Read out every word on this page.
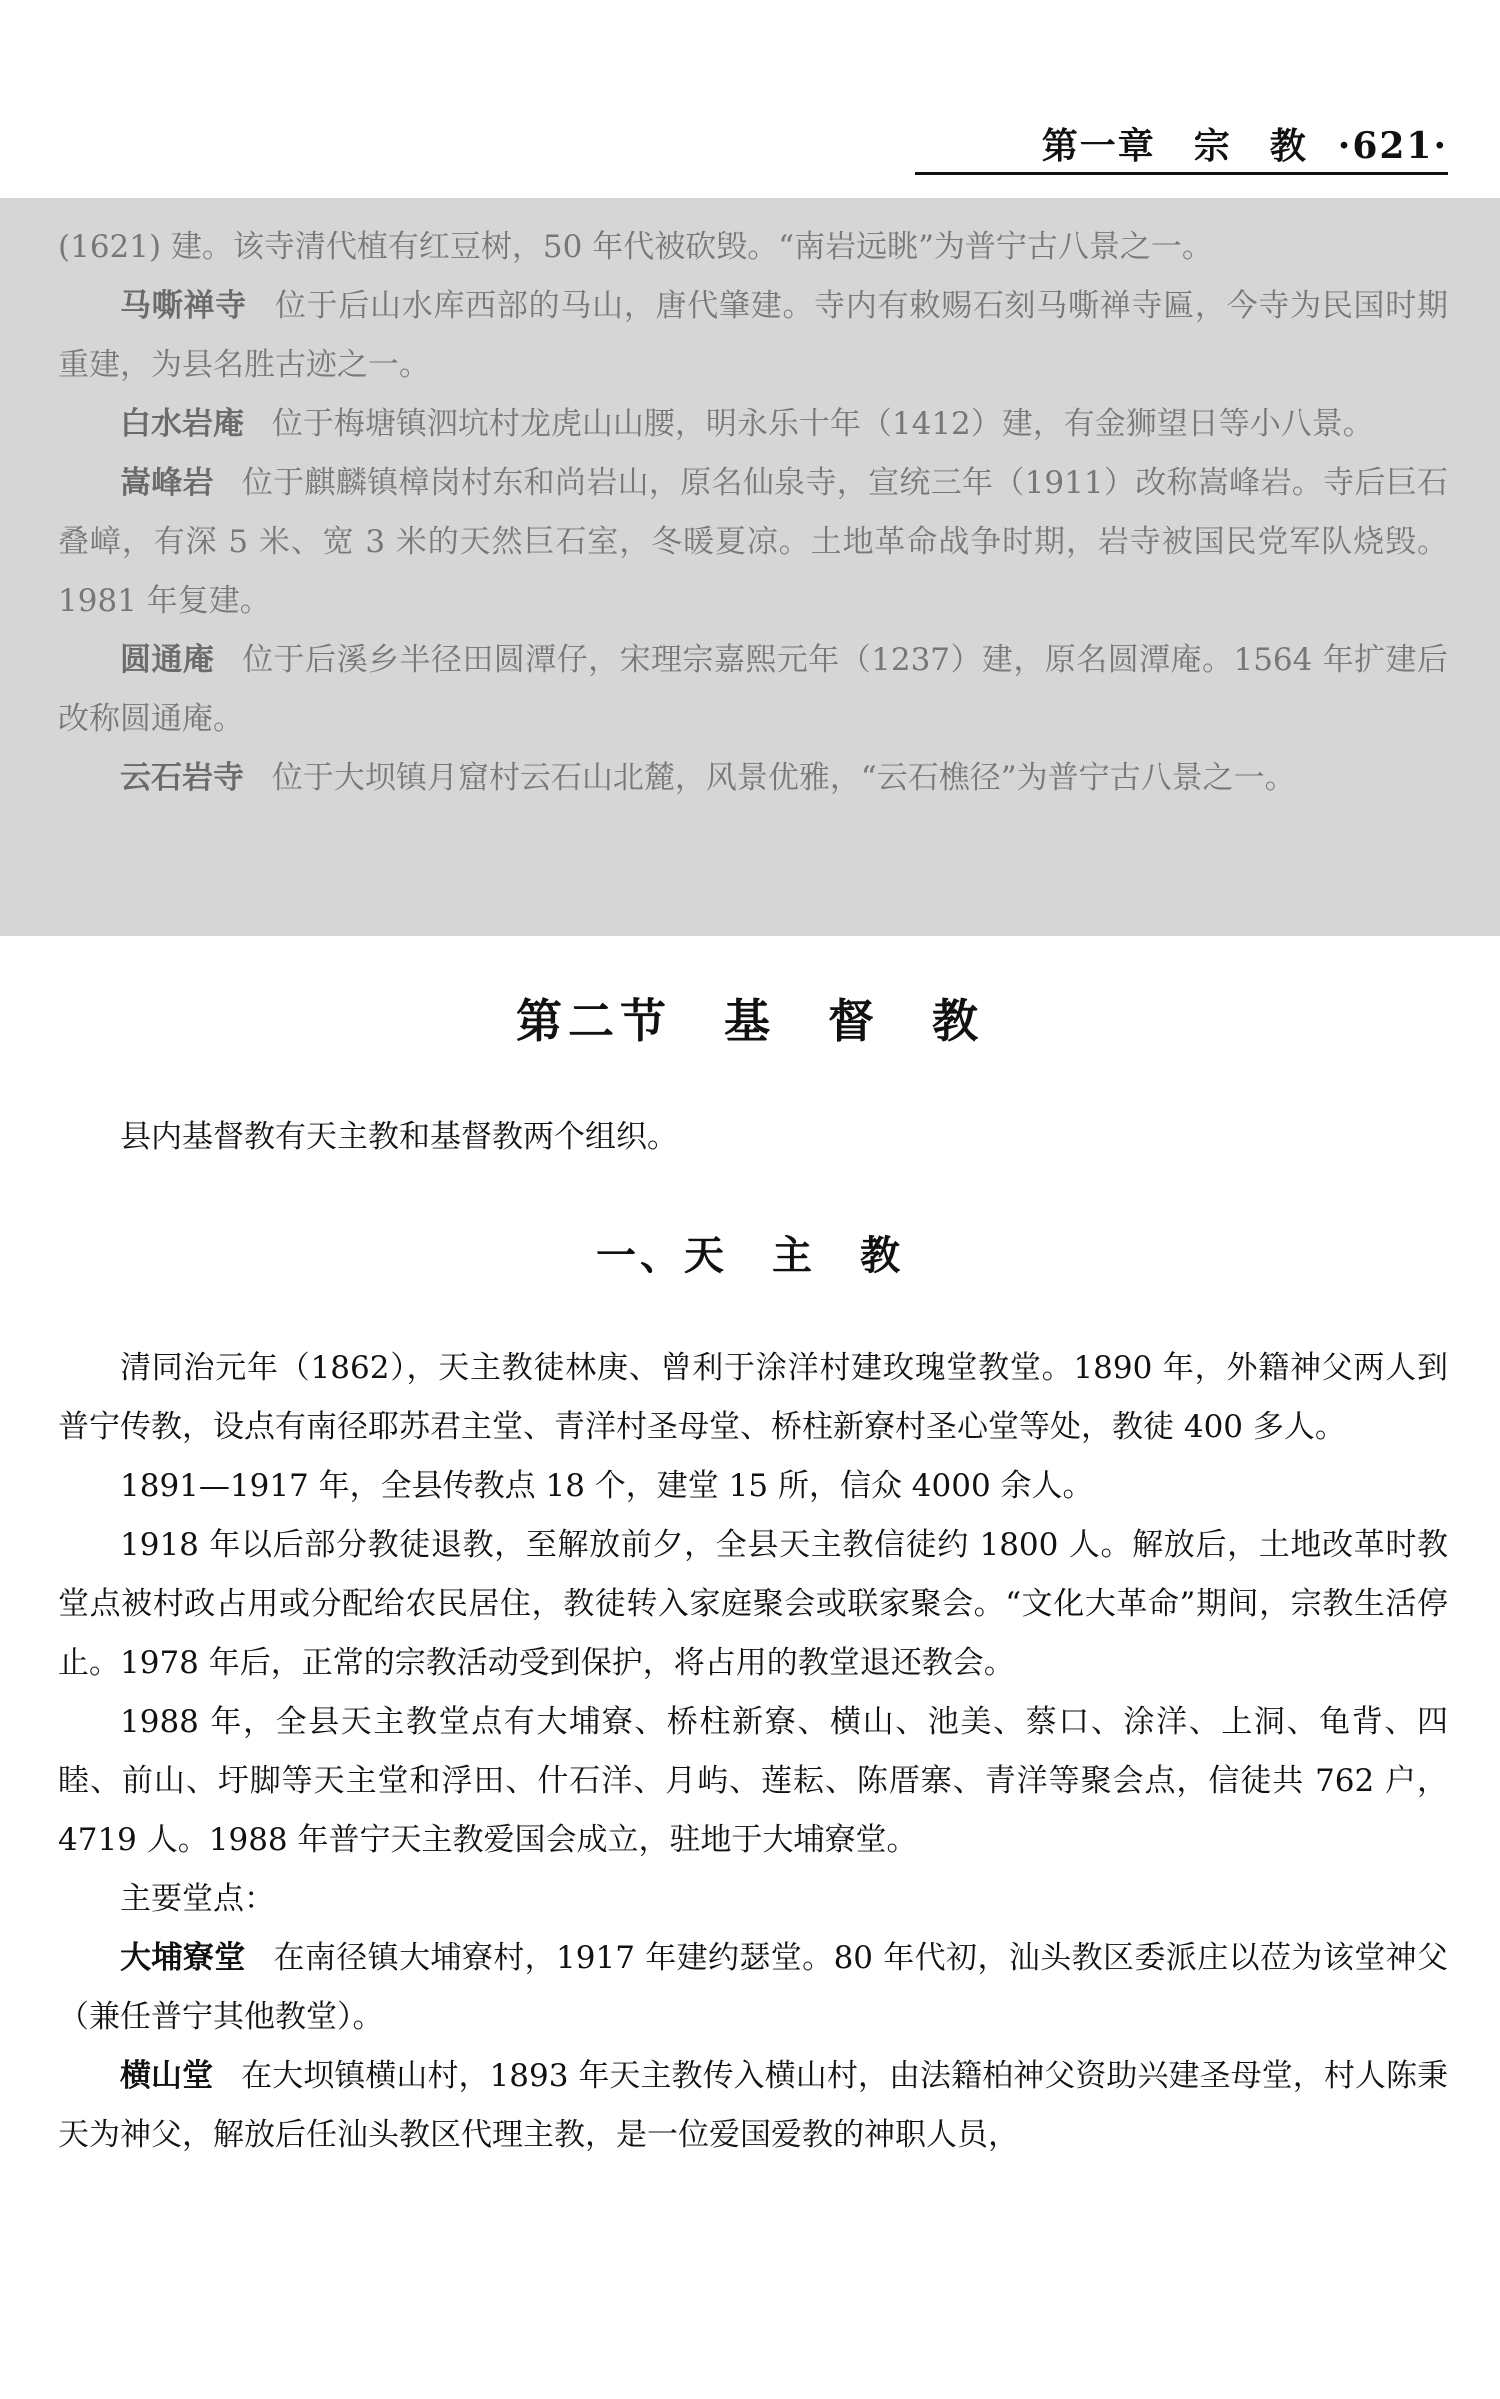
第一章　宗　教 ·621·

(1621) 建。该寺清代植有红豆树，50 年代被砍毁。“南岩远眺”为普宁古八景之一。

马嘶禅寺 位于后山水库西部的马山，唐代肇建。寺内有敕赐石刻马嘶禅寺匾，今寺为民国时期重建，为县名胜古迹之一。

白水岩庵 位于梅塘镇泗坑村龙虎山山腰，明永乐十年（1412）建，有金狮望日等小八景。

嵩峰岩 位于麒麟镇樟岗村东和尚岩山，原名仙泉寺，宣统三年（1911）改称嵩峰岩。寺后巨石叠嶂，有深 5 米、宽 3 米的天然巨石室，冬暖夏凉。土地革命战争时期，岩寺被国民党军队烧毁。1981 年复建。

圆通庵 位于后溪乡半径田圆潭仔，宋理宗嘉熙元年（1237）建，原名圆潭庵。1564 年扩建后改称圆通庵。

云石岩寺 位于大坝镇月窟村云石山北麓，风景优雅，“云石樵径”为普宁古八景之一。

第二节　基　督　教

县内基督教有天主教和基督教两个组织。

一、天　主　教

清同治元年（1862），天主教徒林庚、曾利于涂洋村建玫瑰堂教堂。1890 年，外籍神父两人到普宁传教，设点有南径耶苏君主堂、青洋村圣母堂、桥柱新寮村圣心堂等处，教徒 400 多人。

1891—1917 年，全县传教点 18 个，建堂 15 所，信众 4000 余人。

1918 年以后部分教徒退教，至解放前夕，全县天主教信徒约 1800 人。解放后，土地改革时教堂点被村政占用或分配给农民居住，教徒转入家庭聚会或联家聚会。“文化大革命”期间，宗教生活停止。1978 年后，正常的宗教活动受到保护，将占用的教堂退还教会。

1988 年，全县天主教堂点有大埔寮、桥柱新寮、横山、池美、蔡口、涂洋、上洞、龟背、四睦、前山、圩脚等天主堂和浮田、什石洋、月屿、莲耘、陈厝寨、青洋等聚会点，信徒共 762 户，4719 人。1988 年普宁天主教爱国会成立，驻地于大埔寮堂。

主要堂点：

大埔寮堂 在南径镇大埔寮村，1917 年建约瑟堂。80 年代初，汕头教区委派庄以莅为该堂神父（兼任普宁其他教堂）。

横山堂 在大坝镇横山村，1893 年天主教传入横山村，由法籍柏神父资助兴建圣母堂，村人陈秉天为神父，解放后任汕头教区代理主教，是一位爱国爱教的神职人员，
